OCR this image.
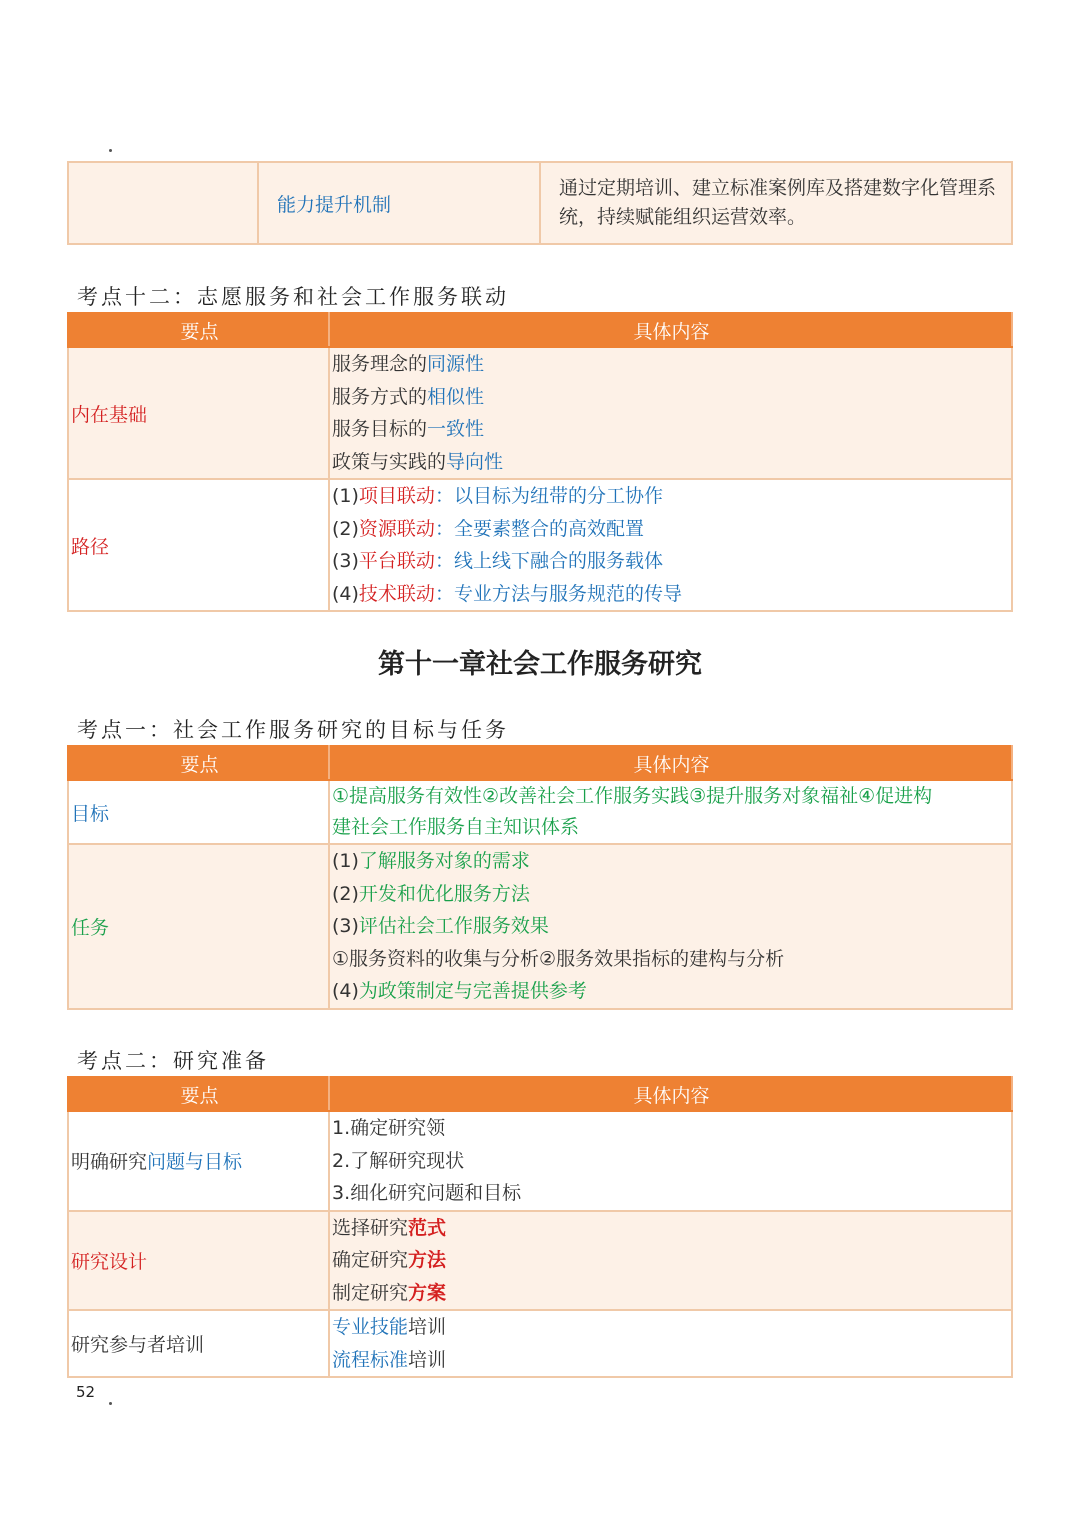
	能力提升机制	通过定期培训、建立标准案例库及搭建数字化管理系统，持续赋能组织运营效率。
考点十二：志愿服务和社会工作服务联动
要点	具体内容
内在基础	服务理念的同源性
服务方式的相似性
服务目标的一致性
政策与实践的导向性

路径	(1)项目联动：以目标为纽带的分工协作
(2)资源联动：全要素整合的高效配置
(3)平台联动：线上线下融合的服务载体
(4)技术联动：专业方法与服务规范的传导
第十一章社会工作服务研究
考点一：社会工作服务研究的目标与任务
要点	具体内容
目标	①提高服务有效性②改善社会工作服务实践③提升服务对象福祉④促进构
建社会工作服务自主知识体系

任务	(1)了解服务对象的需求
(2)开发和优化服务方法
(3)评估社会工作服务效果
①服务资料的收集与分析②服务效果指标的建构与分析
(4)为政策制定与完善提供参考
考点二：研究准备
要点	具体内容
明确研究问题与目标	1.确定研究领
2.了解研究现状
3.细化研究问题和目标

研究设计	选择研究范式
确定研究方法
制定研究方案

研究参与者培训	专业技能培训
流程标准培训
52
